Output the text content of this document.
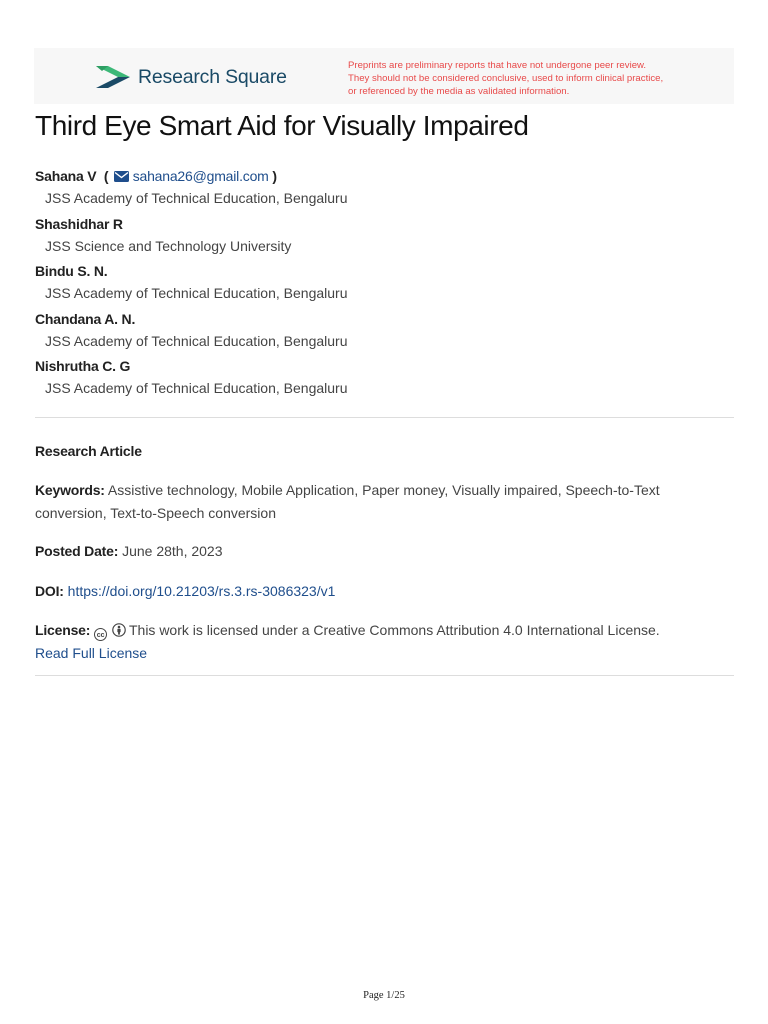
Research Square	Preprints are preliminary reports that have not undergone peer review.
They should not be considered conclusive, used to inform clinical practice,
or referenced by the media as validated information.
Third Eye Smart Aid for Visually Impaired
Sahana V ( sahana26@gmail.com )
JSS Academy of Technical Education, Bengaluru
Shashidhar R
JSS Science and Technology University
Bindu S. N.
JSS Academy of Technical Education, Bengaluru
Chandana A. N.
JSS Academy of Technical Education, Bengaluru
Nishrutha C. G
JSS Academy of Technical Education, Bengaluru
Research Article
Keywords: Assistive technology, Mobile Application, Paper money, Visually impaired, Speech-to-Text conversion, Text-to-Speech conversion
Posted Date: June 28th, 2023
DOI: https://doi.org/10.21203/rs.3.rs-3086323/v1
License: cc This work is licensed under a Creative Commons Attribution 4.0 International License.
Read Full License
Page 1/25
